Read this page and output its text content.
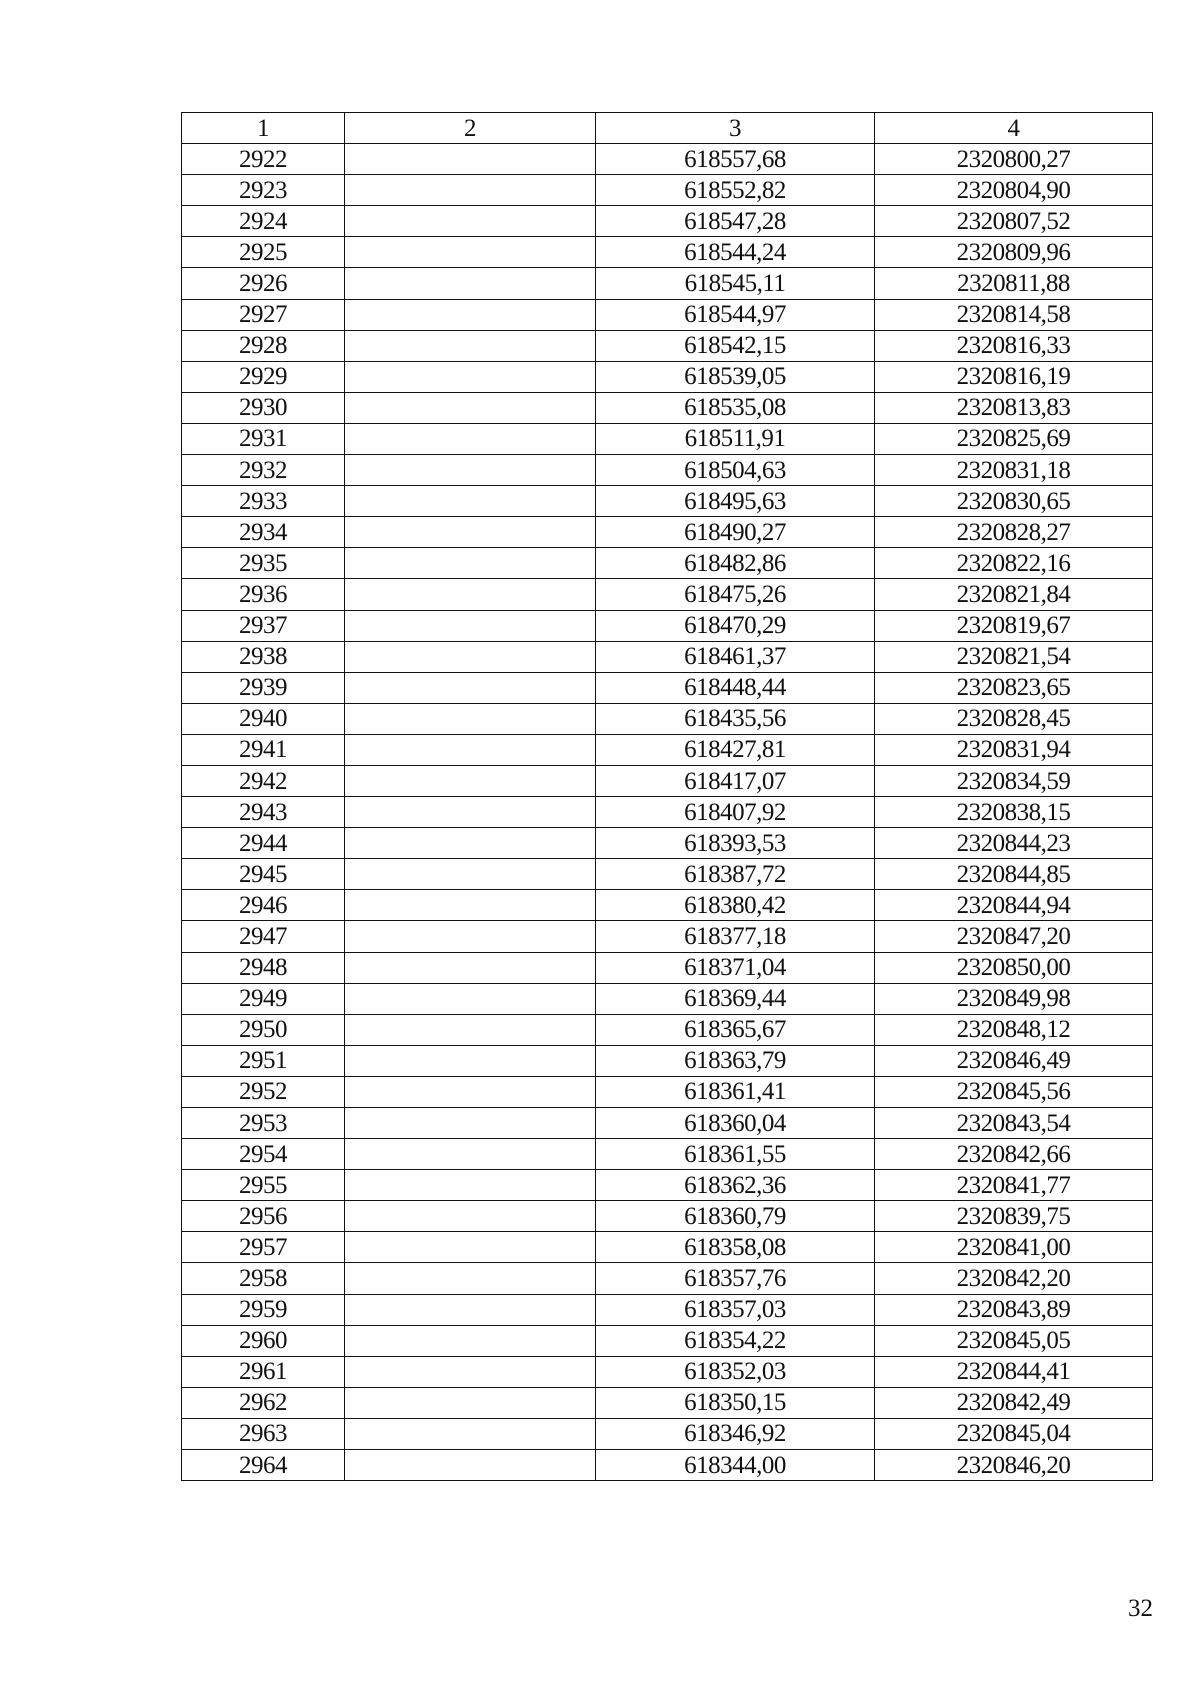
1	2	3	4
2922		618557,68	2320800,27
2923		618552,82	2320804,90
2924		618547,28	2320807,52
2925		618544,24	2320809,96
2926		618545,11	2320811,88
2927		618544,97	2320814,58
2928		618542,15	2320816,33
2929		618539,05	2320816,19
2930		618535,08	2320813,83
2931		618511,91	2320825,69
2932		618504,63	2320831,18
2933		618495,63	2320830,65
2934		618490,27	2320828,27
2935		618482,86	2320822,16
2936		618475,26	2320821,84
2937		618470,29	2320819,67
2938		618461,37	2320821,54
2939		618448,44	2320823,65
2940		618435,56	2320828,45
2941		618427,81	2320831,94
2942		618417,07	2320834,59
2943		618407,92	2320838,15
2944		618393,53	2320844,23
2945		618387,72	2320844,85
2946		618380,42	2320844,94
2947		618377,18	2320847,20
2948		618371,04	2320850,00
2949		618369,44	2320849,98
2950		618365,67	2320848,12
2951		618363,79	2320846,49
2952		618361,41	2320845,56
2953		618360,04	2320843,54
2954		618361,55	2320842,66
2955		618362,36	2320841,77
2956		618360,79	2320839,75
2957		618358,08	2320841,00
2958		618357,76	2320842,20
2959		618357,03	2320843,89
2960		618354,22	2320845,05
2961		618352,03	2320844,41
2962		618350,15	2320842,49
2963		618346,92	2320845,04
2964		618344,00	2320846,20
32
